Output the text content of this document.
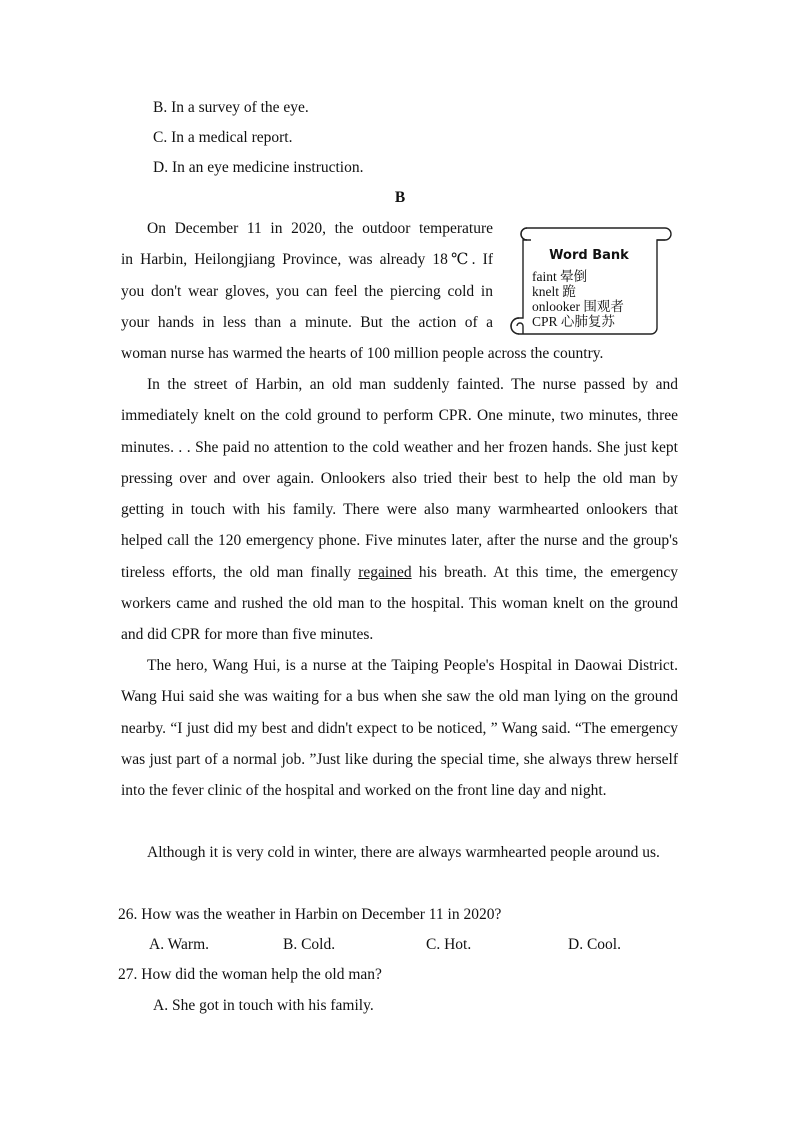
B. In a survey of the eye.
C. In a medical report.
D. In an eye medicine instruction.
B
On December 11 in 2020, the outdoor temperature
in Harbin, Heilongjiang Province, was already 18℃. If
you don't wear gloves, you can feel the piercing cold in
your hands in less than a minute. But the action of a
woman nurse has warmed the hearts of 100 million people across the country.
Word Bank
faint 晕倒
knelt 跪
onlooker 围观者
CPR 心肺复苏

In the street of Harbin, an old man suddenly fainted. The nurse passed by and immediately knelt on the cold ground to perform CPR. One minute, two minutes, three minutes. . . She paid no attention to the cold weather and her frozen hands. She just kept pressing over and over again. Onlookers also tried their best to help the old man by getting in touch with his family. There were also many warmhearted onlookers that helped call the 120 emergency phone. Five minutes later, after the nurse and the group's tireless efforts, the old man finally regained his breath. At this time, the emergency workers came and rushed the old man to the hospital. This woman knelt on the ground and did CPR for more than five minutes.

The hero, Wang Hui, is a nurse at the Taiping People's Hospital in Daowai District. Wang Hui said she was waiting for a bus when she saw the old man lying on the ground nearby. “I just did my best and didn't expect to be noticed, ” Wang said. “The emergency was just part of a normal job. ”Just like during the special time, she always threw herself into the fever clinic of the hospital and worked on the front line day and night.

Although it is very cold in winter, there are always warmhearted people around us.

26. How was the weather in Harbin on December 11 in 2020?
A. Warm.	B. Cold.	C. Hot.	D. Cool.
27. How did the woman help the old man?
A. She got in touch with his family.
